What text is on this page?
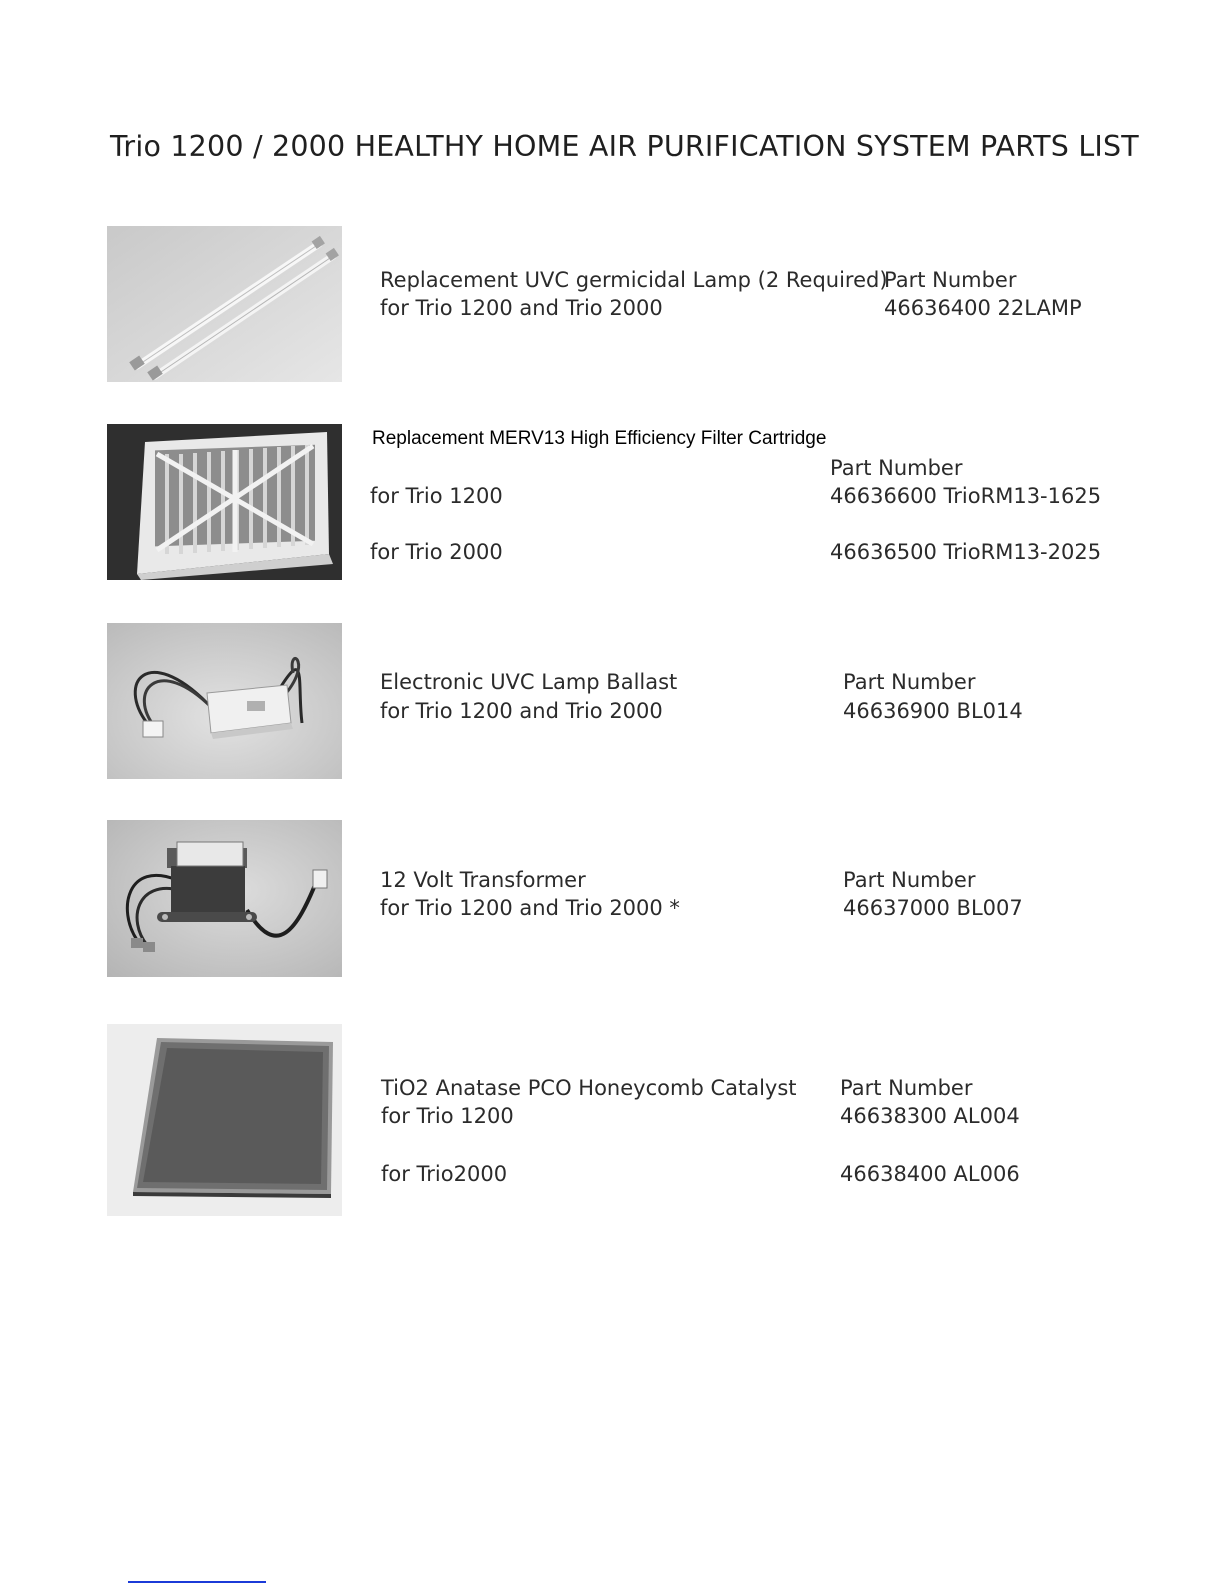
Trio 1200 / 2000 HEALTHY HOME AIR PURIFICATION SYSTEM PARTS LIST
Replacement UVC germicidal Lamp (2 Required)
for Trio 1200 and Trio 2000
Part Number
46636400 22LAMP
Replacement MERV13 High Efficiency Filter Cartridge
Part Number
for Trio 1200	46636600 TrioRM13-1625
for Trio 2000	46636500 TrioRM13-2025
Electronic UVC Lamp Ballast
for Trio 1200 and Trio 2000
Part Number
46636900 BL014
12 Volt Transformer
for Trio 1200 and Trio 2000 *
Part Number
46637000 BL007
TiO2 Anatase PCO Honeycomb Catalyst
for Trio 1200
for Trio2000
Part Number
46638300 AL004
46638400 AL006
